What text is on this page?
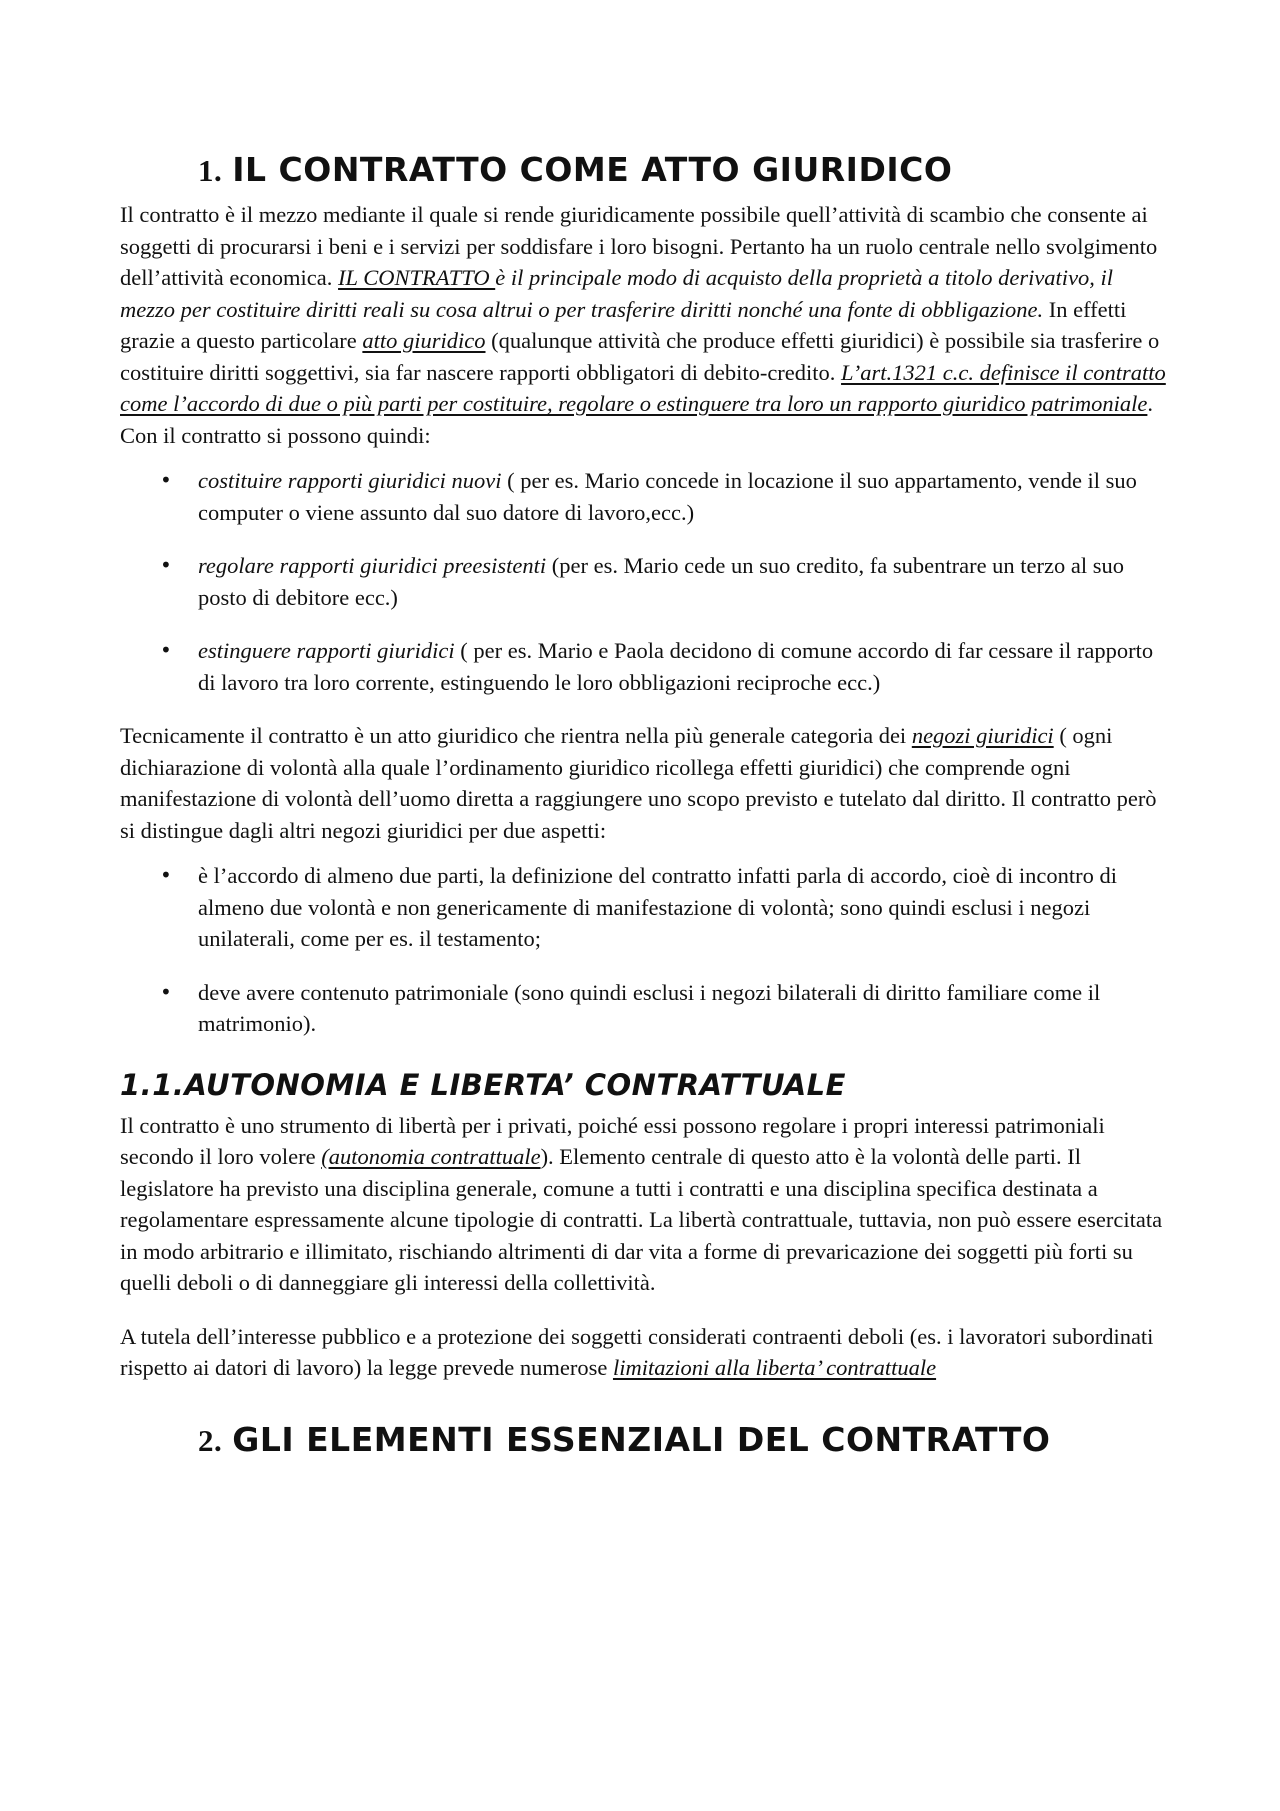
1. IL CONTRATTO COME ATTO GIURIDICO

Il contratto è il mezzo mediante il quale si rende giuridicamente possibile quell’attività di scambio che consente ai soggetti di procurarsi i beni e i servizi per soddisfare i loro bisogni. Pertanto ha un ruolo centrale nello svolgimento dell’attività economica. IL CONTRATTO è il principale modo di acquisto della proprietà a titolo derivativo, il mezzo per costituire diritti reali su cosa altrui o per trasferire diritti nonché una fonte di obbligazione. In effetti grazie a questo particolare atto giuridico (qualunque attività che produce effetti giuridici) è possibile sia trasferire o costituire diritti soggettivi, sia far nascere rapporti obbligatori di debito-credito. L’art.1321 c.c. definisce il contratto come l’accordo di due o più parti per costituire, regolare o estinguere tra loro un rapporto giuridico patrimoniale. Con il contratto si possono quindi:

• costituire rapporti giuridici nuovi ( per es. Mario concede in locazione il suo appartamento, vende il suo computer o viene assunto dal suo datore di lavoro,ecc.)
• regolare rapporti giuridici preesistenti (per es. Mario cede un suo credito, fa subentrare un terzo al suo posto di debitore ecc.)
• estinguere rapporti giuridici ( per es. Mario e Paola decidono di comune accordo di far cessare il rapporto di lavoro tra loro corrente, estinguendo le loro obbligazioni reciproche ecc.)

Tecnicamente il contratto è un atto giuridico che rientra nella più generale categoria dei negozi giuridici ( ogni dichiarazione di volontà alla quale l’ordinamento giuridico ricollega effetti giuridici) che comprende ogni manifestazione di volontà dell’uomo diretta a raggiungere uno scopo previsto e tutelato dal diritto. Il contratto però si distingue dagli altri negozi giuridici per due aspetti:

• è l’accordo di almeno due parti, la definizione del contratto infatti parla di accordo, cioè di incontro di almeno due volontà e non genericamente di manifestazione di volontà; sono quindi esclusi i negozi unilaterali, come per es. il testamento;
• deve avere contenuto patrimoniale (sono quindi esclusi i negozi bilaterali di diritto familiare come il matrimonio).
1.1.AUTONOMIA E LIBERTA’ CONTRATTUALE

Il contratto è uno strumento di libertà per i privati, poiché essi possono regolare i propri interessi patrimoniali secondo il loro volere (autonomia contrattuale). Elemento centrale di questo atto è la volontà delle parti. Il legislatore ha previsto una disciplina generale, comune a tutti i contratti e una disciplina specifica destinata a regolamentare espressamente alcune tipologie di contratti. La libertà contrattuale, tuttavia, non può essere esercitata in modo arbitrario e illimitato, rischiando altrimenti di dar vita a forme di prevaricazione dei soggetti più forti su quelli deboli o di danneggiare gli interessi della collettività.

A tutela dell’interesse pubblico e a protezione dei soggetti considerati contraenti deboli (es. i lavoratori subordinati rispetto ai datori di lavoro) la legge prevede numerose limitazioni alla liberta’ contrattuale

2. GLI ELEMENTI ESSENZIALI DEL CONTRATTO
